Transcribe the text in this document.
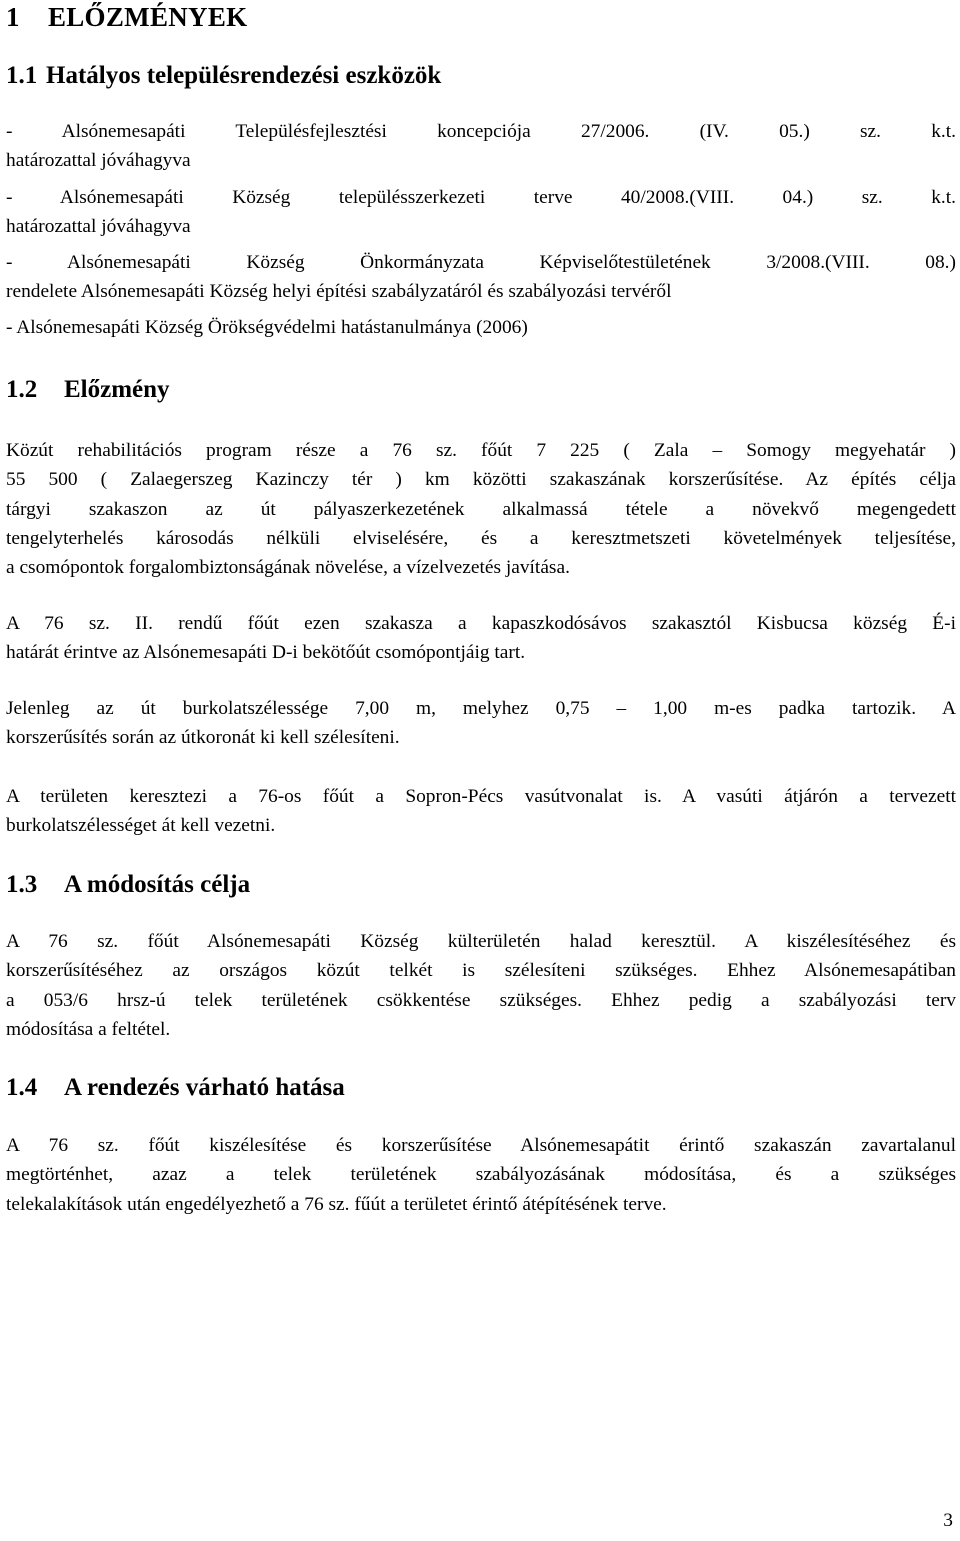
1 ELŐZMÉNYEK
1.1 Hatályos településrendezési eszközök
- Alsónemesapáti Településfejlesztési koncepciója 27/2006. (IV. 05.) sz. k.t.
határozattal jóváhagyva
- Alsónemesapáti Község településszerkezeti terve 40/2008.(VIII. 04.) sz. k.t.
határozattal jóváhagyva
- Alsónemesapáti Község Önkormányzata Képviselőtestületének 3/2008.(VIII. 08.)
rendelete Alsónemesapáti Község helyi építési szabályzatáról és szabályozási tervéről
- Alsónemesapáti Község Örökségvédelmi hatástanulmánya (2006)
1.2 Előzmény
Közút rehabilitációs program része a 76 sz. főút 7 225 ( Zala – Somogy megyehatár )
55 500 ( Zalaegerszeg Kazinczy tér ) km közötti szakaszának korszerűsítése. Az építés célja
tárgyi szakaszon az út pályaszerkezetének alkalmassá tétele a növekvő megengedett
tengelyterhelés károsodás nélküli elviselésére, és a keresztmetszeti követelmények teljesítése,
a csomópontok forgalombiztonságának növelése, a vízelvezetés javítása.
A 76 sz. II. rendű főút ezen szakasza a kapaszkodósávos szakasztól Kisbucsa község É-i
határát érintve az Alsónemesapáti D-i bekötőút csomópontjáig tart.
Jelenleg az út burkolatszélessége 7,00 m, melyhez 0,75 – 1,00 m-es padka tartozik. A
korszerűsítés során az útkoronát ki kell szélesíteni.
A területen keresztezi a 76-os főút a Sopron-Pécs vasútvonalat is. A vasúti átjárón a tervezett
burkolatszélességet át kell vezetni.
1.3 A módosítás célja
A 76 sz. főút Alsónemesapáti Község külterületén halad keresztül. A kiszélesítéséhez és
korszerűsítéséhez az országos közút telkét is szélesíteni szükséges. Ehhez Alsónemesapátiban
a 053/6 hrsz-ú telek területének csökkentése szükséges. Ehhez pedig a szabályozási terv
módosítása a feltétel.
1.4 A rendezés várható hatása
A 76 sz. főút kiszélesítése és korszerűsítése Alsónemesapátit érintő szakaszán zavartalanul
megtörténhet, azaz a telek területének szabályozásának módosítása, és a szükséges
telekalakítások után engedélyezhető a 76 sz. fűút a területet érintő átépítésének terve.
3
